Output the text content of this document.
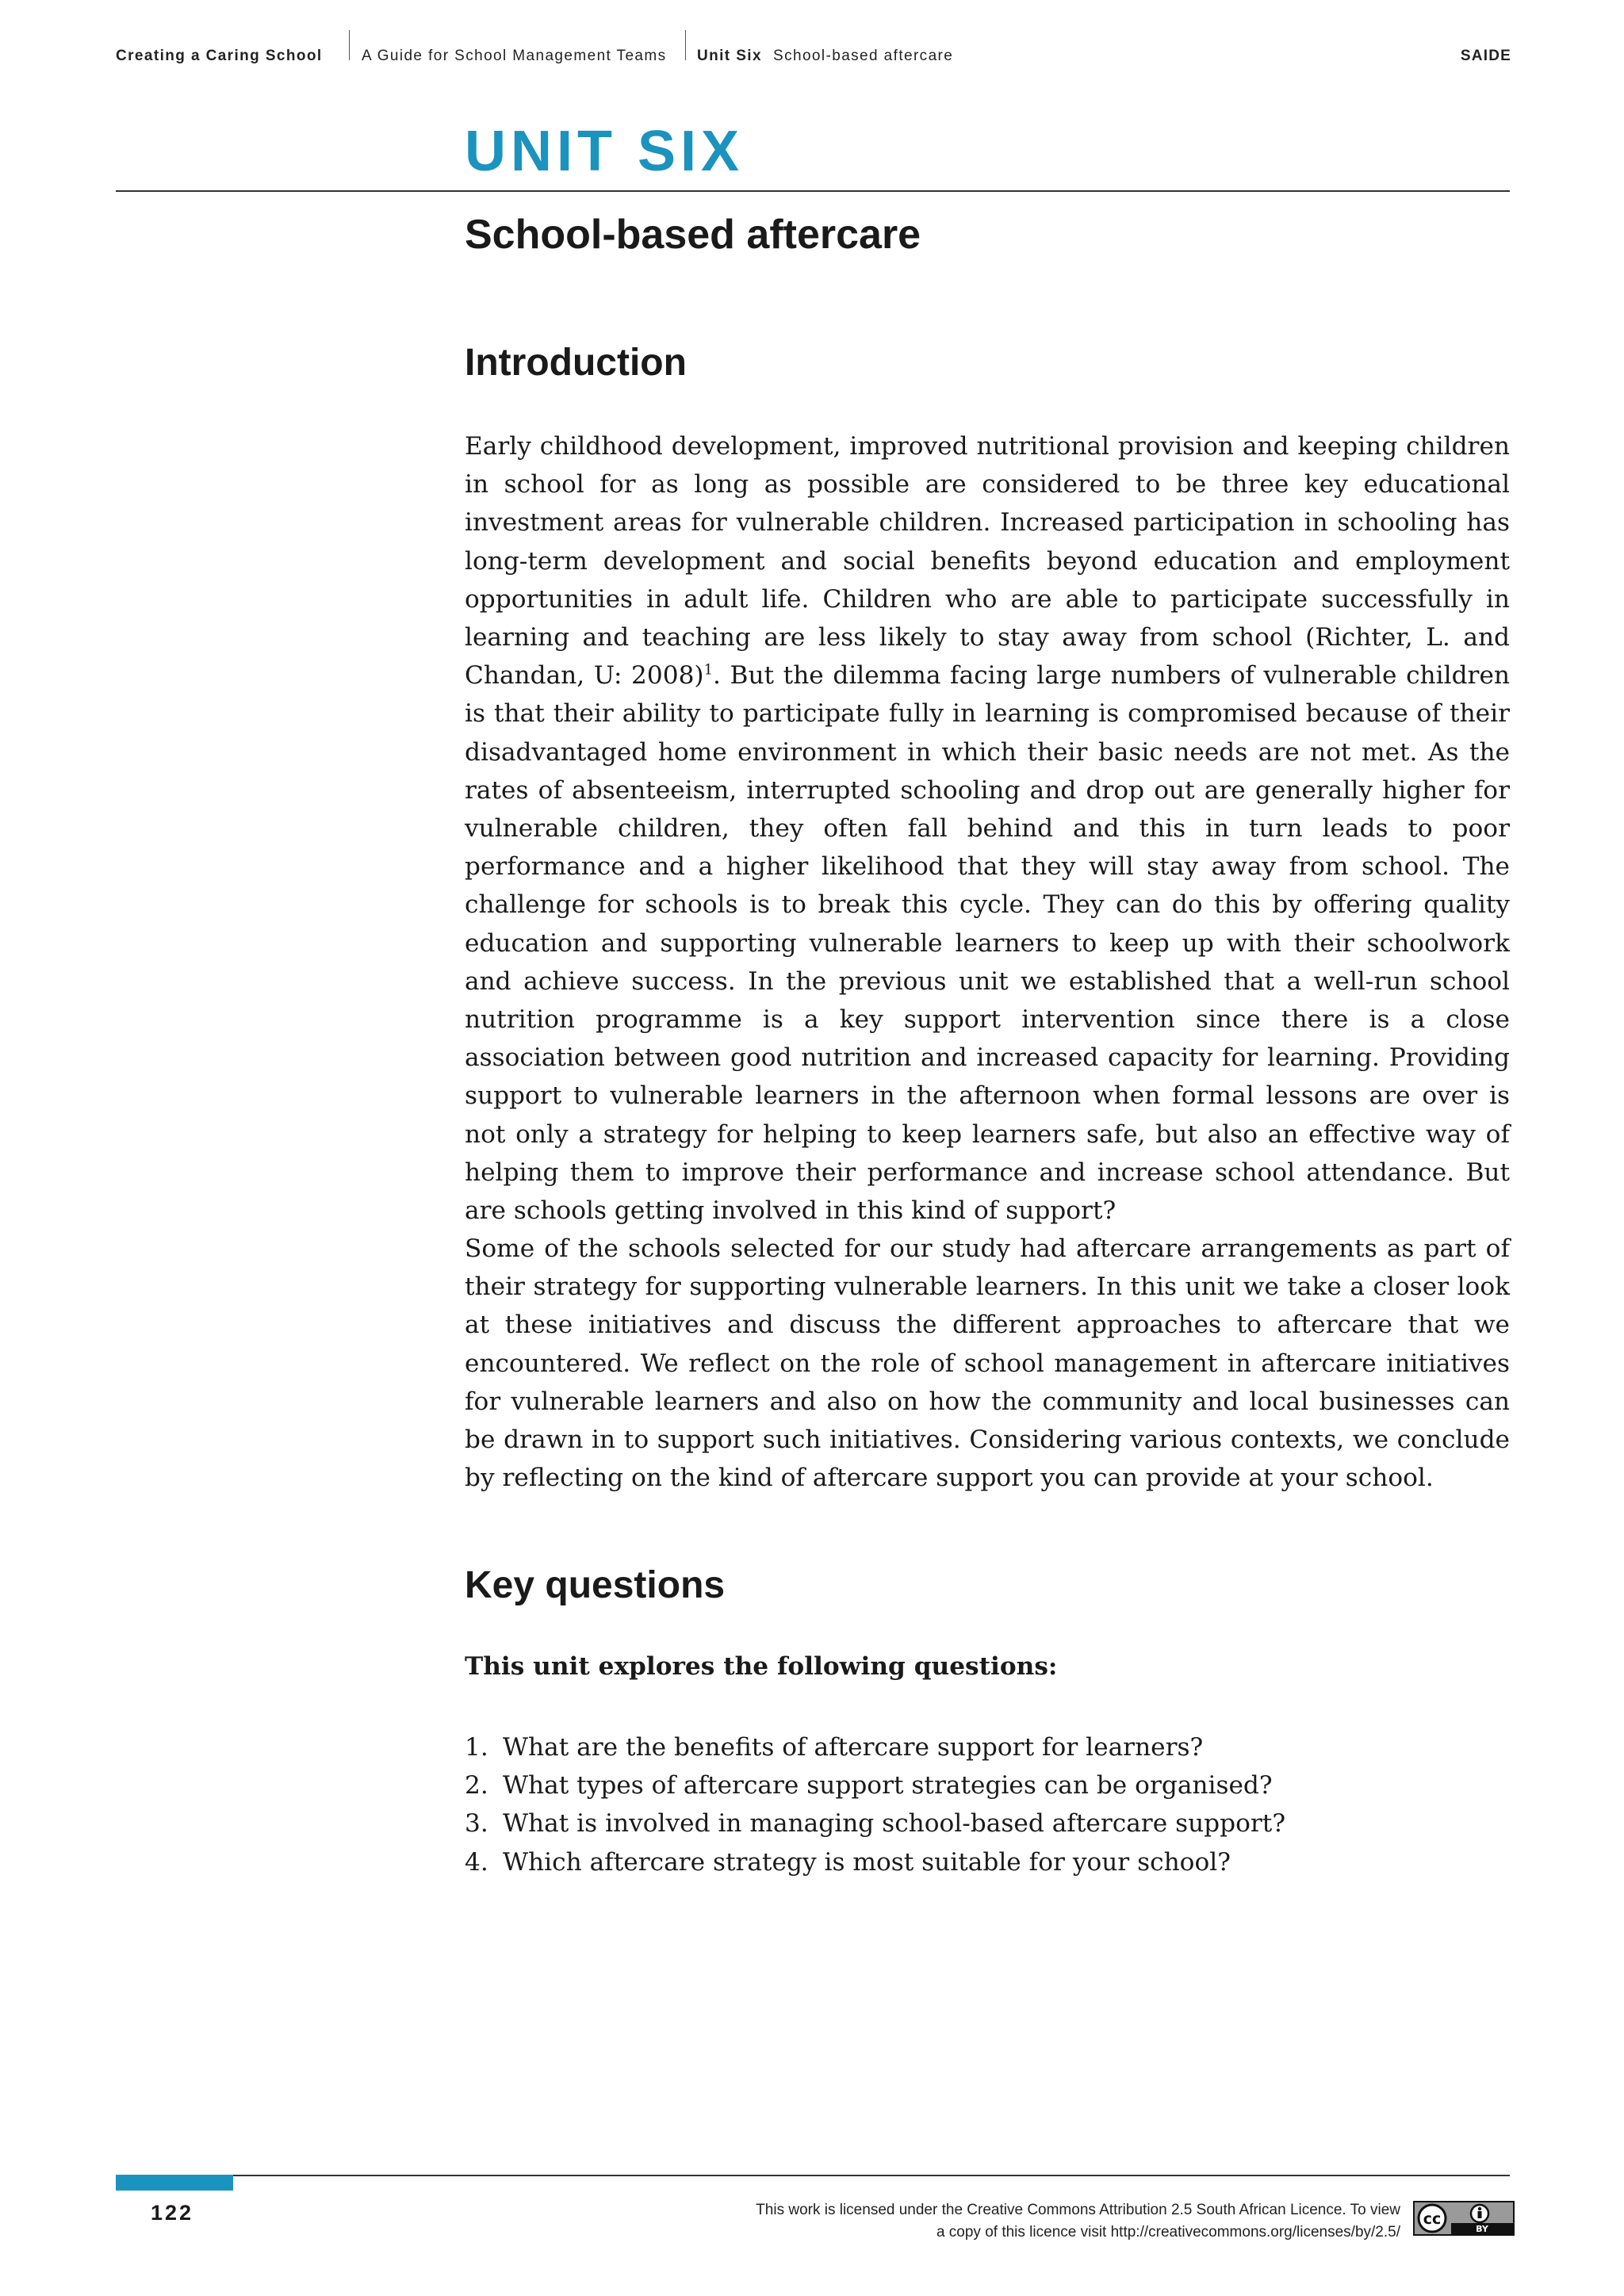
Creating a Caring School	A Guide for School Management Teams Unit Six School-based aftercare	SAIDE
UNIT SIX
School-based aftercare
Introduction

Early childhood development, improved nutritional provision and keeping children in school for as long as possible are considered to be three key educational investment areas for vulnerable children. Increased participation in schooling has long-term development and social benefits beyond education and employment opportunities in adult life. Children who are able to participate successfully in learning and teaching are less likely to stay away from school (Richter, L. and Chandan, U: 2008)$^1$. But the dilemma facing large numbers of vulnerable children is that their ability to participate fully in learning is compromised because of their disadvantaged home environment in which their basic needs are not met. As the rates of absenteeism, interrupted schooling and drop out are generally higher for vulnerable children, they often fall behind and this in turn leads to poor performance and a higher likelihood that they will stay away from school. The challenge for schools is to break this cycle. They can do this by offering quality education and supporting vulnerable learners to keep up with their schoolwork and achieve success. In the previous unit we established that a well-run school nutrition programme is a key support intervention since there is a close association between good nutrition and increased capacity for learning. Providing support to vulnerable learners in the afternoon when formal lessons are over is not only a strategy for helping to keep learners safe, but also an effective way of helping them to improve their performance and increase school attendance. But are schools getting involved in this kind of support?

Some of the schools selected for our study had aftercare arrangements as part of their strategy for supporting vulnerable learners. In this unit we take a closer look at these initiatives and discuss the different approaches to aftercare that we encountered. We reflect on the role of school management in aftercare initiatives for vulnerable learners and also on how the community and local businesses can be drawn in to support such initiatives. Considering various contexts, we conclude by reflecting on the kind of aftercare support you can provide at your school.

Key questions

This unit explores the following questions:

1. What are the benefits of aftercare support for learners?
2. What types of aftercare support strategies can be organised?
3. What is involved in managing school-based aftercare support?
4. Which aftercare strategy is most suitable for your school?
122	This work is licensed under the Creative Commons Attribution 2.5 South African Licence. To view
a copy of this licence visit http://creativecommons.org/licenses/by/2.5/
cc
BY
